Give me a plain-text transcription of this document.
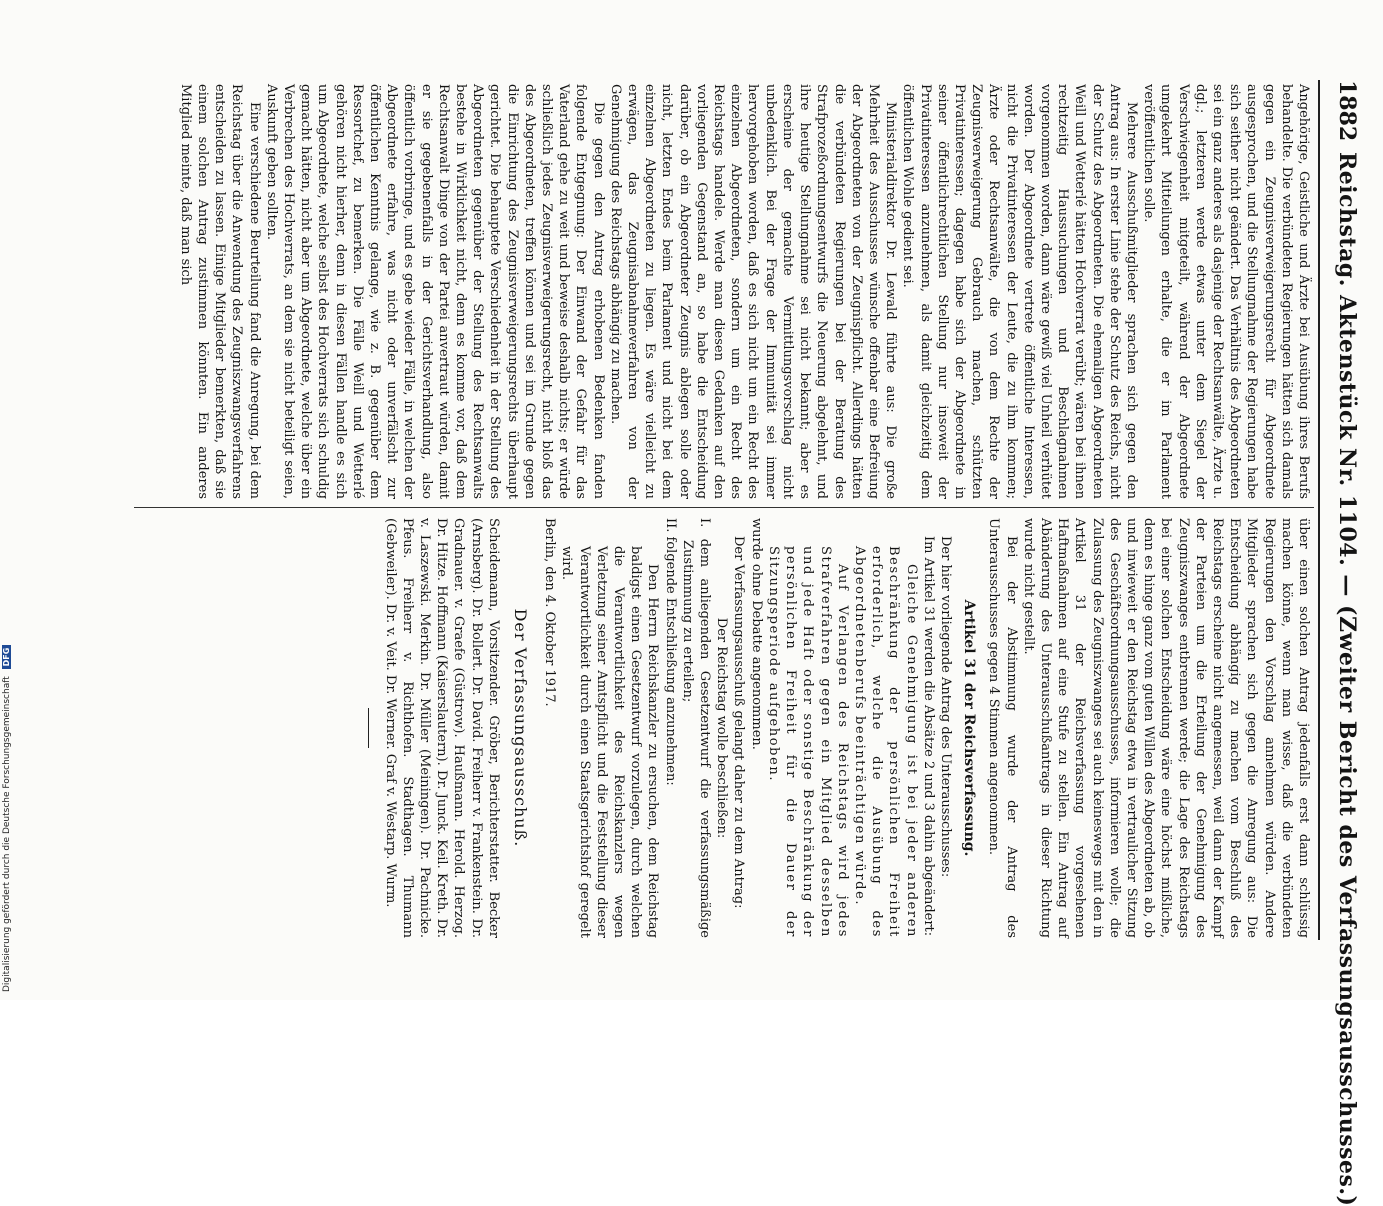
1882
Reichstag. Aktenstück Nr. 1104. — (Zweiter Bericht des Verfassungsausschusses.)

Angehörige, Geistliche und Ärzte bei Ausübung ihres Berufs behandelte. Die verbündeten Regierungen hätten sich damals gegen ein Zeugnisverweigerungsrecht für Abgeordnete ausgesprochen, und die Stellungnahme der Regierungen habe sich seither nicht geändert. Das Verhältnis des Abgeordneten sei ein ganz anderes als dasjenige der Rechtsanwälte, Ärzte u. dgl.; letzteren werde etwas unter dem Siegel der Verschwiegenheit mitgeteilt, während der Abgeordnete umgekehrt Mitteilungen erhalte, die er im Parlament veröffentlichen solle.

Mehrere Ausschußmitglieder sprachen sich gegen den Antrag aus: In erster Linie stehe der Schutz des Reichs, nicht der Schutz des Abgeordneten. Die ehemaligen Abgeordneten Weill und Wetterlé hätten Hochverrat verübt; wären bei ihnen rechtzeitig Haussuchungen und Beschlagnahmen vorgenommen worden, dann wäre gewiß viel Unheil verhütet worden. Der Abgeordnete vertrete öffentliche Interessen, nicht die Privatinteressen der Leute, die zu ihm kommen; Ärzte oder Rechtsanwälte, die von dem Rechte der Zeugnisverweigerung Gebrauch machen, schützten Privatinteressen; dagegen habe sich der Abgeordnete in seiner öffentlichrechtlichen Stellung nur insoweit der Privatinteressen anzunehmen, als damit gleichzeitig dem öffentlichen Wohle gedient sei.

Ministerialdirektor Dr. Lewald führte aus: Die große Mehrheit des Ausschusses wünsche offenbar eine Befreiung der Abgeordneten von der Zeugnispflicht. Allerdings hätten die verbündeten Regierungen bei der Beratung des Strafprozeßordnungsentwurfs die Neuerung abgelehnt, und ihre heutige Stellungnahme sei nicht bekannt; aber es erscheine der gemachte Vermittlungsvorschlag nicht unbedenklich. Bei der Frage der Immunität sei immer hervorgehoben worden, daß es sich nicht um ein Recht des einzelnen Abgeordneten, sondern um ein Recht des Reichstags handele. Werde man diesen Gedanken auf den vorliegenden Gegenstand an, so habe die Entscheidung darüber, ob ein Abgeordneter Zeugnis ablegen solle oder nicht, letzten Endes beim Parlament und nicht bei dem einzelnen Abgeordneten zu liegen. Es wäre vielleicht zu erwägen, das Zeugnisabnahmeverfahren von der Genehmigung des Reichstags abhängig zu machen.

Die gegen den Antrag erhobenen Bedenken fanden folgende Entgegnung: Der Einwand der Gefahr für das Vaterland gehe zu weit und beweise deshalb nichts; er würde schließlich jedes Zeugnisverweigerungsrecht, nicht bloß das des Abgeordneten, treffen können und sei im Grunde gegen die Einrichtung des Zeugnisverweigerungsrechts überhaupt gerichtet. Die behauptete Verschiedenheit in der Stellung des Abgeordneten gegenüber der Stellung des Rechtsanwalts bestehe in Wirklichkeit nicht, denn es komme vor, daß dem Rechtsanwalt Dinge von der Partei anvertraut würden, damit er sie gegebenenfalls in der Gerichtsverhandlung, also öffentlich vorbringe, und es gebe wieder Fälle, in welchen der Abgeordnete erfahre, was nicht oder unverfälscht zur öffentlichen Kenntnis gelange, wie z. B. gegenüber dem Ressortchef, zu bemerken. Die Fälle Weill und Wetterlé gehören nicht hierher, denn in diesen Fällen handle es sich um Abgeordnete, welche selbst des Hochverrats sich schuldig gemacht hätten, nicht aber um Abgeordnete, welche über ein Verbrechen des Hochverrats, an dem sie nicht beteiligt seien, Auskunft geben sollten.

Eine verschiedene Beurteilung fand die Anregung, bei dem Reichstag über die Anwendung des Zeugniszwangsverfahrens entscheiden zu lassen. Einige Mitglieder bemerkten, daß sie einem solchen Antrag zustimmen könnten. Ein anderes Mitglied meinte, daß man sich

über einen solchen Antrag jedenfalls erst dann schlüssig machen könne, wenn man wisse, daß die verbündeten Regierungen den Vorschlag annehmen würden. Andere Mitglieder sprachen sich gegen die Anregung aus: Die Entscheidung abhängig zu machen vom Beschluß des Reichstags erscheine nicht angemessen, weil dann der Kampf der Parteien um die Erteilung der Genehmigung des Zeugniszwanges entbrennen werde; die Lage des Reichstags bei einer solchen Entscheidung wäre eine höchst mißliche, denn es hinge ganz vom guten Willen des Abgeordneten ab, ob und inwieweit er den Reichstag etwa in vertraulicher Sitzung des Geschäftsordnungsausschusses, informieren wolle; die Zulassung des Zeugniszwanges sei auch keineswegs mit den in Artikel 31 der Reichsverfassung vorgesehenen Haftmaßnahmen auf eine Stufe zu stellen. Ein Antrag auf Abänderung des Unterausschußantrags in dieser Richtung wurde nicht gestellt.

Bei der Abstimmung wurde der Antrag des Unterausschusses gegen 4 Stimmen angenommen.

Artikel 31 der Reichsverfassung.

Der hier vorliegende Antrag des Unterausschusses:

Im Artikel 31 werden die Absätze 2 und 3 dahin abgeändert:

Gleiche Genehmigung ist bei jeder anderen Beschränkung der persönlichen Freiheit erforderlich, welche die Ausübung des Abgeordnetenberufs beeinträchtigen würde.

Auf Verlangen des Reichstags wird jedes Strafverfahren gegen ein Mitglied desselben und jede Haft oder sonstige Beschränkung der persönlichen Freiheit für die Dauer der Sitzungsperiode aufgehoben.

wurde ohne Debatte angenommen.

Der Verfassungsausschuß gelangt daher zu dem Antrag:

Der Reichstag wolle beschließen:

I. dem anliegenden Gesetzentwurf die verfassungsmäßige Zustimmung zu erteilen;

II. folgende Entschließung anzunehmen:

Den Herrn Reichskanzler zu ersuchen, dem Reichstag baldigst einen Gesetzentwurf vorzulegen, durch welchen die Verantwortlichkeit des Reichskanzlers wegen Verletzung seiner Amtspflicht und die Feststellung dieser Verantwortlichkeit durch einen Staatsgerichtshof geregelt wird.

Berlin, den 4. Oktober 1917.

Der Verfassungsausschuß.

Scheidemann, Vorsitzender. Gröber, Berichterstatter. Becker (Arnsberg). Dr. Bollert. Dr. David. Freiherr v. Frankenstein. Dr. Gradnauer. v. Graefe (Güstrow). Haußmann. Herold. Herzog. Dr. Hitze. Hoffmann (Kaiserslautern). Dr. Junck. Keil. Kreth. Dr. v. Laszewski. Merkin. Dr. Müller (Meiningen). Dr. Pachnicke. Pfeus. Freiherr v. Richthofen. Stadthagen. Thumann (Gebweiler). Dr. v. Veit. Dr. Werner. Graf v. Westarp. Wurm.

Digitalisierung gefördert durch die Deutsche Forschungsgemeinschaft DFG
